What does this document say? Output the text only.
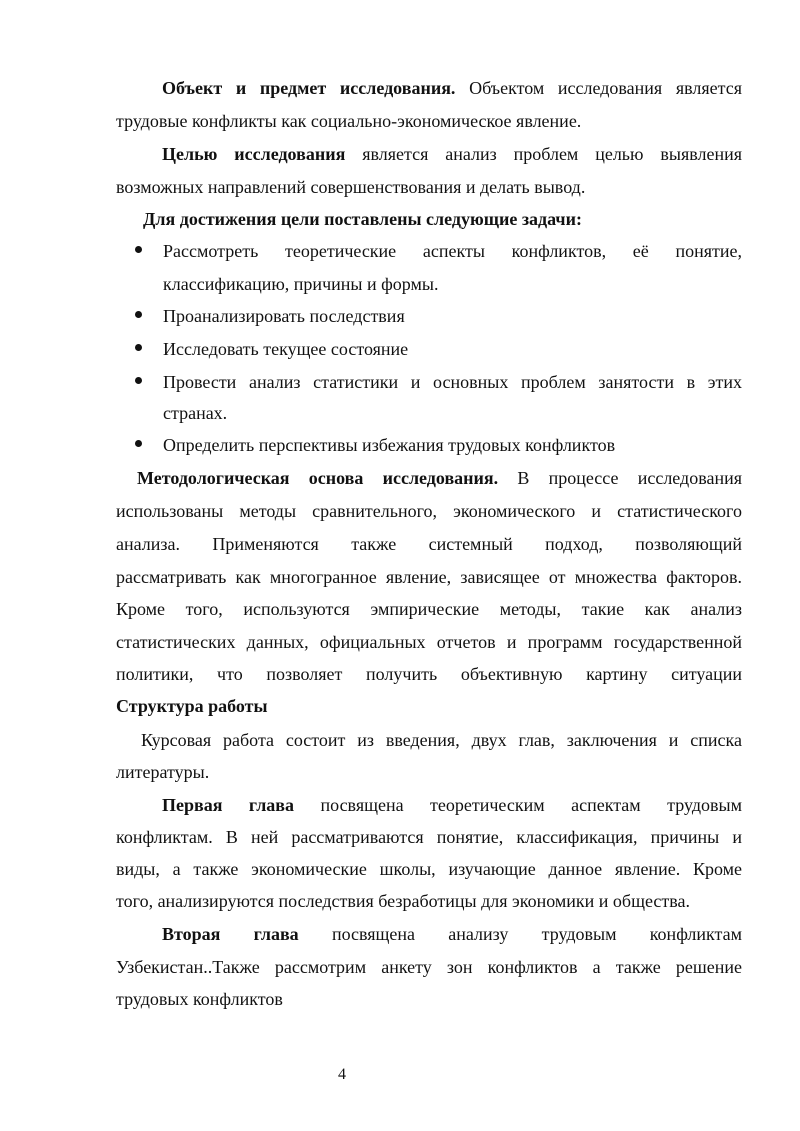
Объект и предмет исследования. Объектом исследования является
трудовые конфликты как социально-экономическое явление.
Целью исследования является анализ проблем целью выявления
возможных направлений совершенствования и делать вывод.
Для достижения цели поставлены следующие задачи:
Рассмотреть теоретические аспекты конфликтов, её понятие,
классификацию, причины и формы.
Проанализировать последствия
Исследовать текущее состояние
Провести анализ статистики и основных проблем занятости в этих
странах.
Определить перспективы избежания трудовых конфликтов
Методологическая основа исследования. В процессе исследования
использованы методы сравнительного, экономического и статистического
анализа. Применяются также системный подход, позволяющий
рассматривать как многогранное явление, зависящее от множества факторов.
Кроме того, используются эмпирические методы, такие как анализ
статистических данных, официальных отчетов и программ государственной
политики, что позволяет получить объективную картину ситуации
Структура работы
Курсовая работа состоит из введения, двух глав, заключения и списка
литературы.
Первая глава посвящена теоретическим аспектам трудовым
конфликтам. В ней рассматриваются понятие, классификация, причины и
виды, а также экономические школы, изучающие данное явление. Кроме
того, анализируются последствия безработицы для экономики и общества.
Вторая глава посвящена анализу трудовым конфликтам
Узбекистан..Также рассмотрим анкету зон конфликтов а также решение
трудовых конфликтов
4
